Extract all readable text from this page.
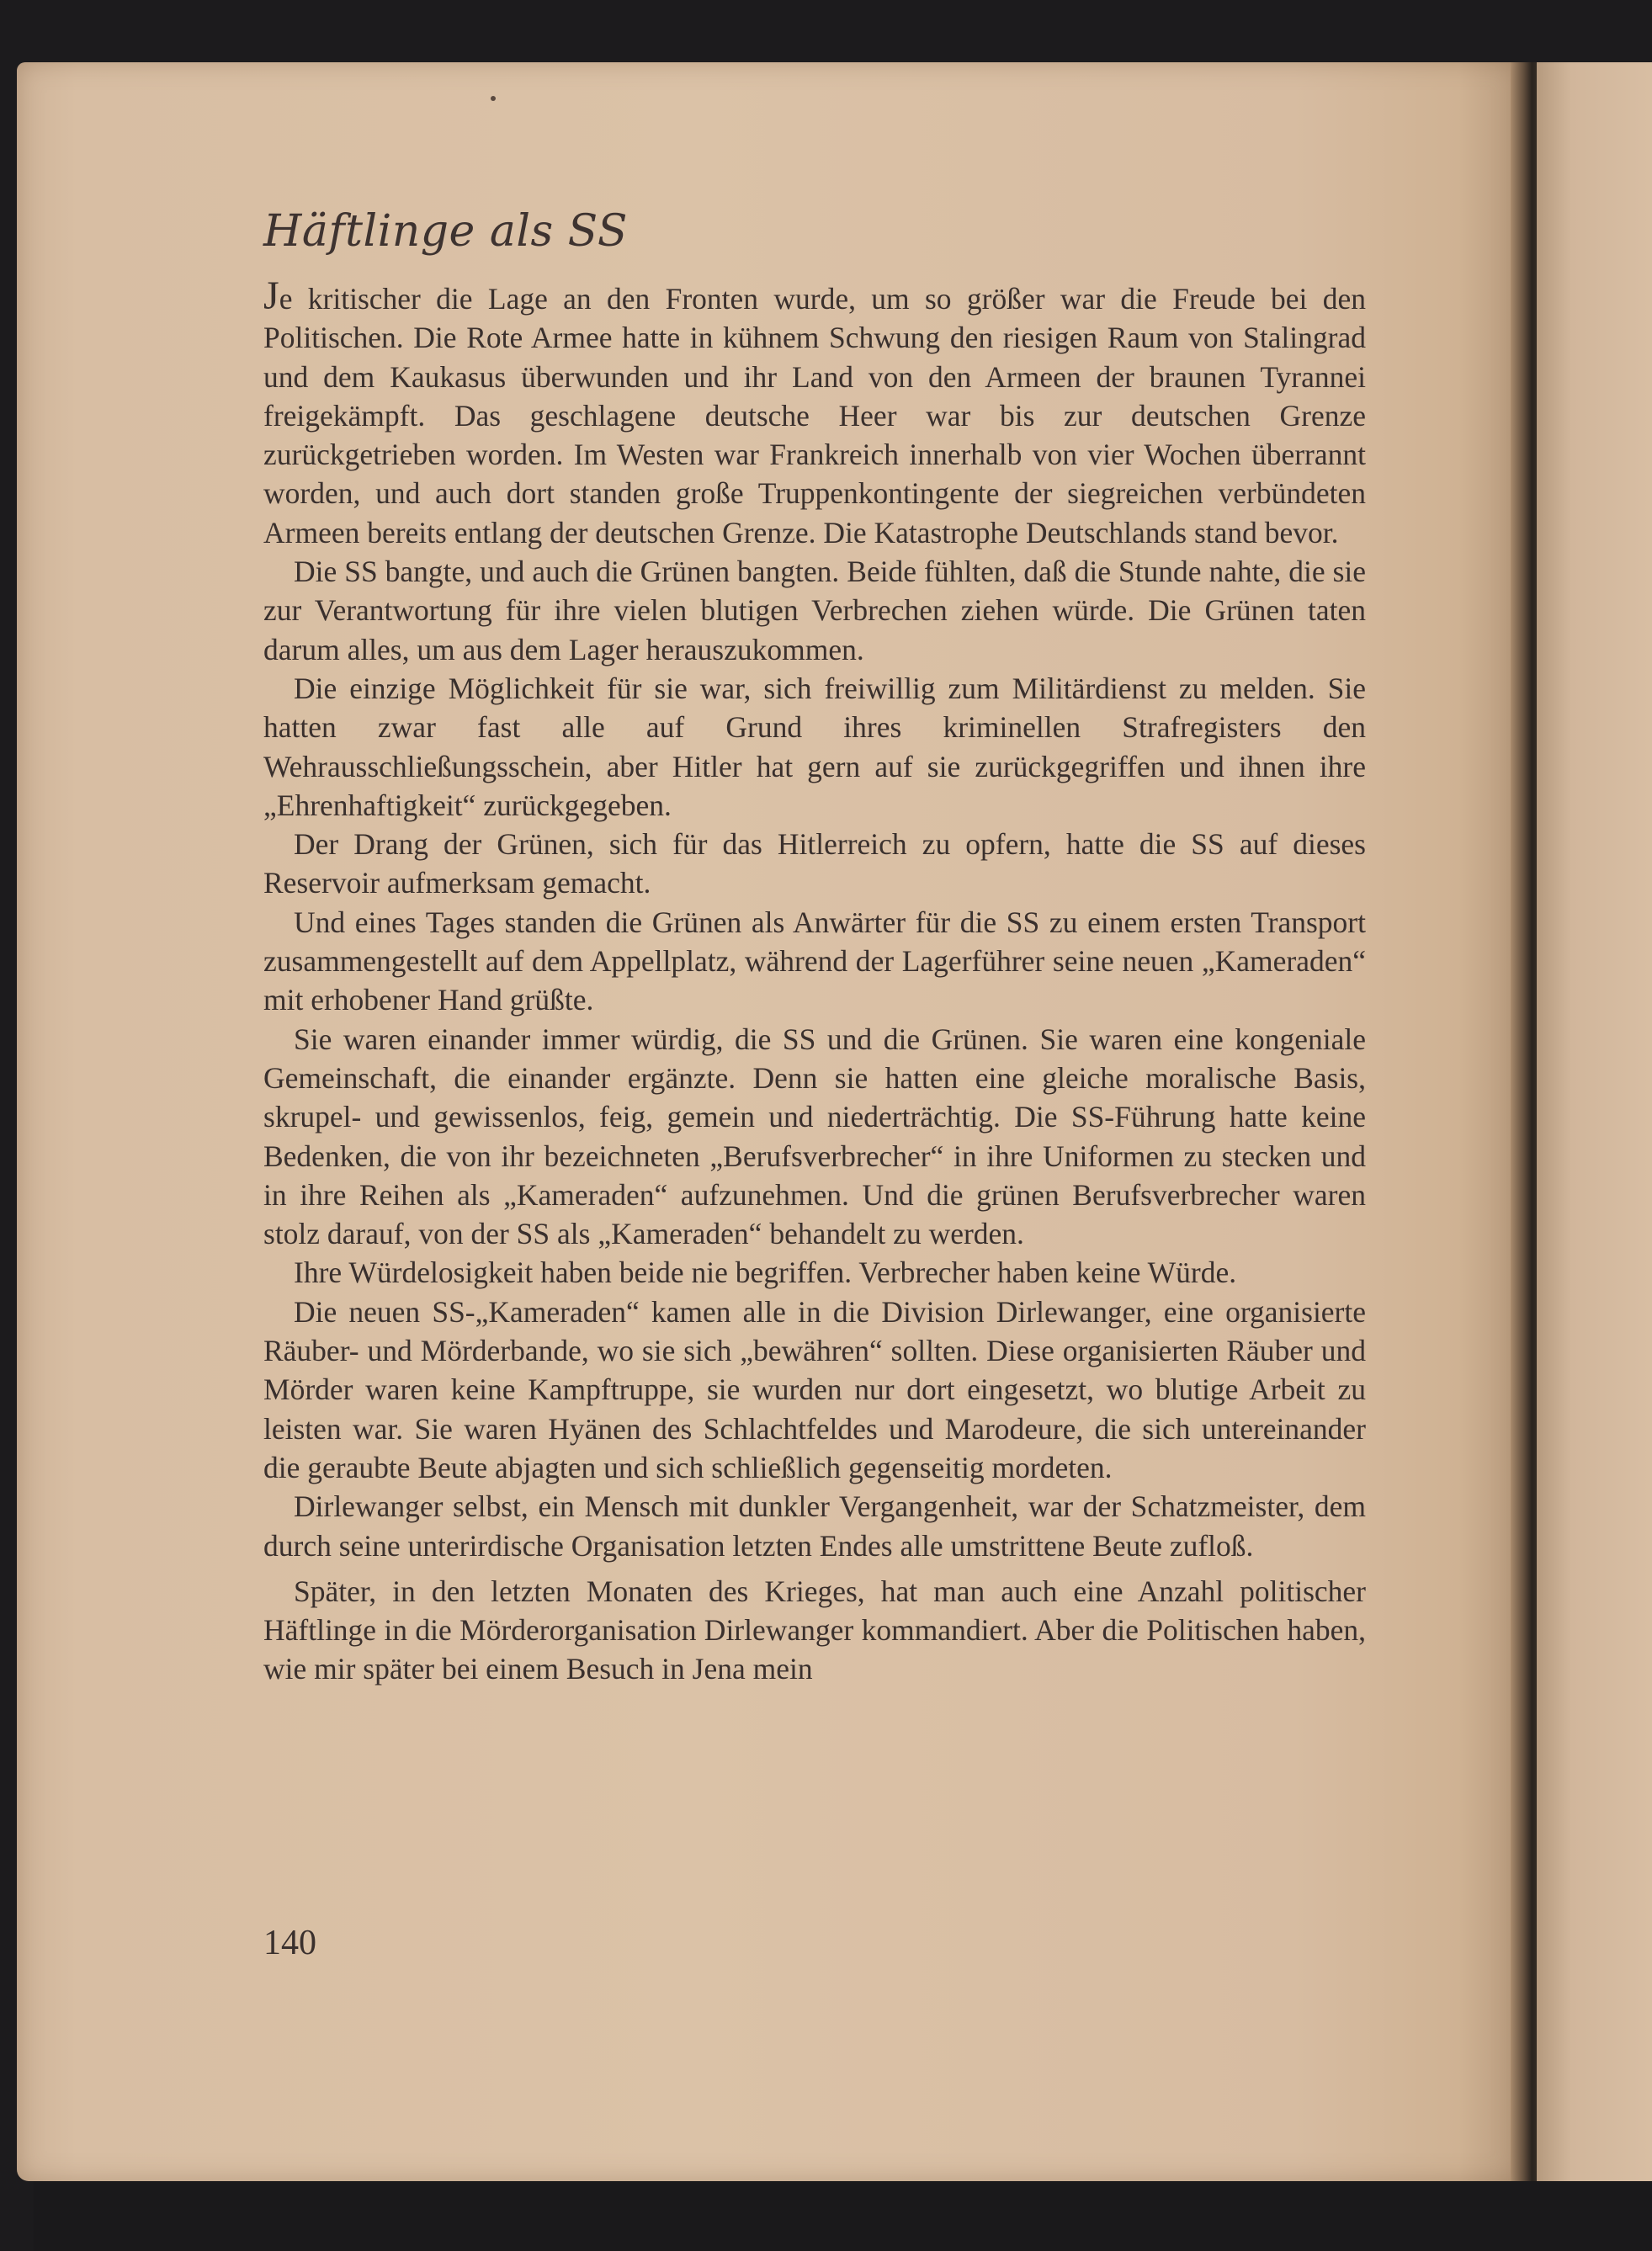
Häftlinge als SS

Je kritischer die Lage an den Fronten wurde, um so größer war die Freude bei den Politischen. Die Rote Armee hatte in kühnem Schwung den riesigen Raum von Stalingrad und dem Kaukasus überwunden und ihr Land von den Armeen der braunen Tyrannei freigekämpft. Das geschlagene deutsche Heer war bis zur deutschen Grenze zurückgetrieben worden. Im Westen war Frankreich innerhalb von vier Wochen überrannt worden, und auch dort standen große Truppenkontingente der siegreichen verbündeten Armeen bereits entlang der deutschen Grenze. Die Katastrophe Deutschlands stand bevor.

Die SS bangte, und auch die Grünen bangten. Beide fühlten, daß die Stunde nahte, die sie zur Verantwortung für ihre vielen blutigen Verbrechen ziehen würde. Die Grünen taten darum alles, um aus dem Lager herauszukommen.

Die einzige Möglichkeit für sie war, sich freiwillig zum Militärdienst zu melden. Sie hatten zwar fast alle auf Grund ihres kriminellen Strafregisters den Wehrausschließungsschein, aber Hitler hat gern auf sie zurückgegriffen und ihnen ihre „Ehrenhaftigkeit“ zurückgegeben.

Der Drang der Grünen, sich für das Hitlerreich zu opfern, hatte die SS auf dieses Reservoir aufmerksam gemacht.

Und eines Tages standen die Grünen als Anwärter für die SS zu einem ersten Transport zusammengestellt auf dem Appellplatz, während der Lagerführer seine neuen „Kameraden“ mit erhobener Hand grüßte.

Sie waren einander immer würdig, die SS und die Grünen. Sie waren eine kongeniale Gemeinschaft, die einander ergänzte. Denn sie hatten eine gleiche moralische Basis, skrupel- und gewissenlos, feig, gemein und niederträchtig. Die SS-Führung hatte keine Bedenken, die von ihr bezeichneten „Berufsverbrecher“ in ihre Uniformen zu stecken und in ihre Reihen als „Kameraden“ aufzunehmen. Und die grünen Berufsverbrecher waren stolz darauf, von der SS als „Kameraden“ behandelt zu werden.

Ihre Würdelosigkeit haben beide nie begriffen. Verbrecher haben keine Würde.

Die neuen SS-„Kameraden“ kamen alle in die Division Dirlewanger, eine organisierte Räuber- und Mörderbande, wo sie sich „bewähren“ sollten. Diese organisierten Räuber und Mörder waren keine Kampftruppe, sie wurden nur dort eingesetzt, wo blutige Arbeit zu leisten war. Sie waren Hyänen des Schlachtfeldes und Marodeure, die sich untereinander die geraubte Beute abjagten und sich schließlich gegenseitig mordeten.

Dirlewanger selbst, ein Mensch mit dunkler Vergangenheit, war der Schatzmeister, dem durch seine unterirdische Organisation letzten Endes alle umstrittene Beute zufloß.

Später, in den letzten Monaten des Krieges, hat man auch eine Anzahl politischer Häftlinge in die Mörderorganisation Dirlewanger kommandiert. Aber die Politischen haben, wie mir später bei einem Besuch in Jena mein

140
